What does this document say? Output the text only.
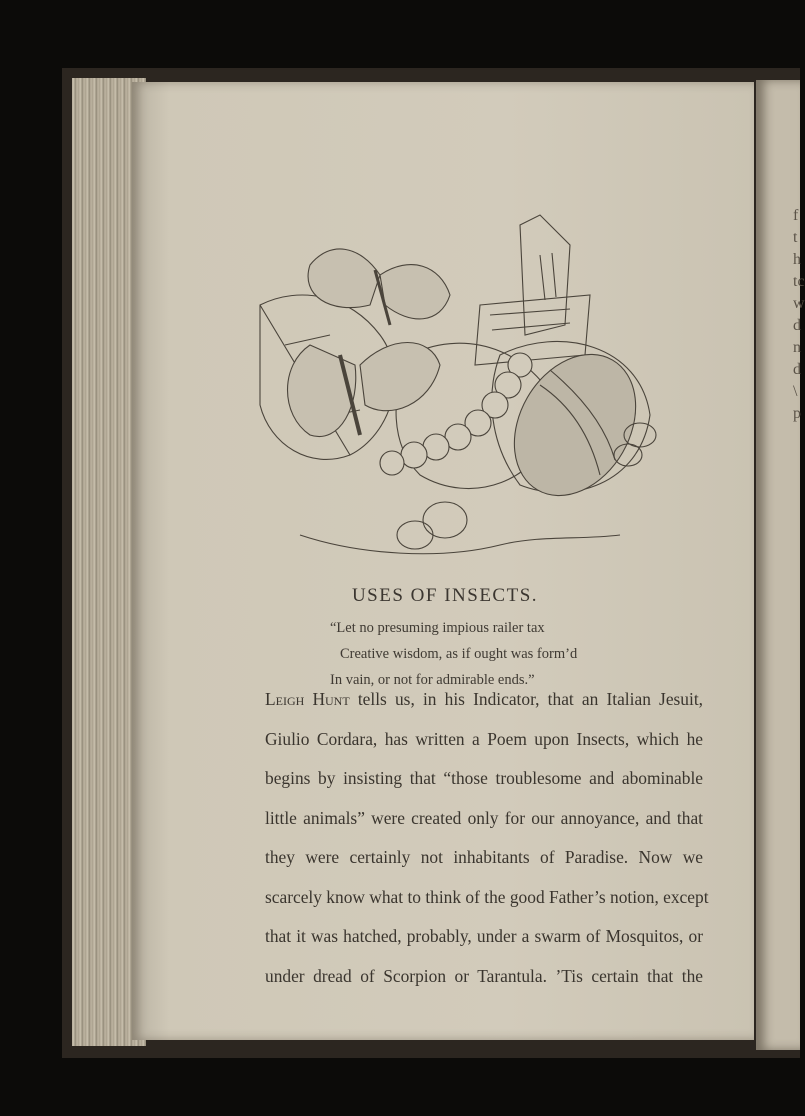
f
t
h
tc
w
d
n
d
\
p
USES OF INSECTS.
“Let no presuming impious railer tax
Creative wisdom, as if ought was form’d
In vain, or not for admirable ends.”
Leigh Hunt tells us, in his Indicator, that an Italian Jesuit,
Giulio Cordara, has written a Poem upon Insects, which he
begins by insisting that “those troublesome and abominable
little animals” were created only for our annoyance, and that
they were certainly not inhabitants of Paradise. Now we
scarcely know what to think of the good Father’s notion, except
that it was hatched, probably, under a swarm of Mosquitos, or
under dread of Scorpion or Tarantula. ’Tis certain that the
